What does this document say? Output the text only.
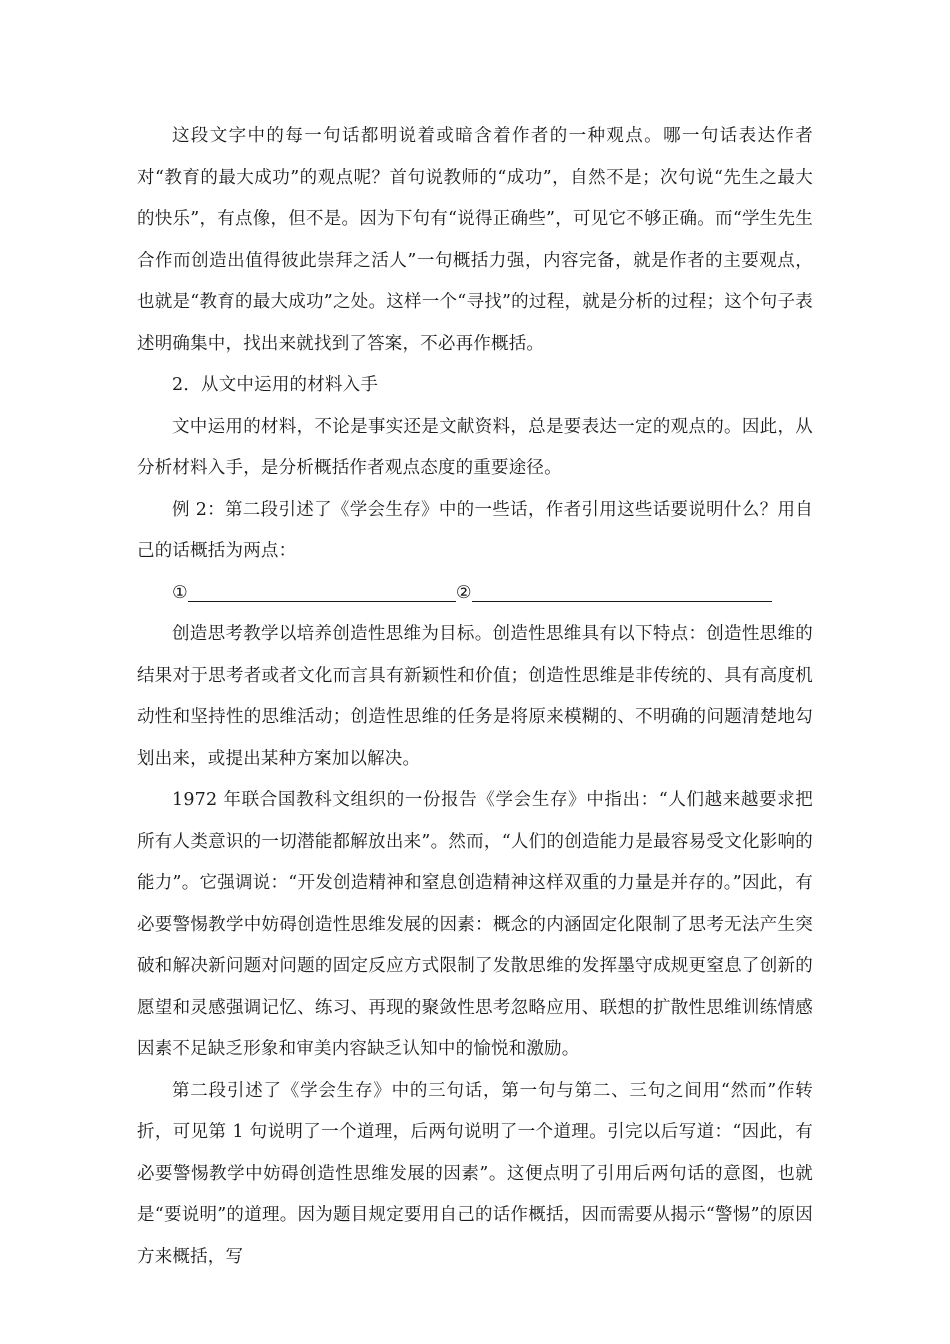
这段文字中的每一句话都明说着或暗含着作者的一种观点。哪一句话表达作者对“教育的最大成功”的观点呢？首句说教师的“成功”，自然不是；次句说“先生之最大的快乐”，有点像，但不是。因为下句有“说得正确些”，可见它不够正确。而“学生先生合作而创造出值得彼此崇拜之活人”一句概括力强，内容完备，就是作者的主要观点，也就是“教育的最大成功”之处。这样一个“寻找”的过程，就是分析的过程；这个句子表述明确集中，找出来就找到了答案，不必再作概括。

2．从文中运用的材料入手

文中运用的材料，不论是事实还是文献资料，总是要表达一定的观点的。因此，从分析材料入手，是分析概括作者观点态度的重要途径。

例 2：第二段引述了《学会生存》中的一些话，作者引用这些话要说明什么？用自己的话概括为两点：

①	②

创造思考教学以培养创造性思维为目标。创造性思维具有以下特点：创造性思维的结果对于思考者或者文化而言具有新颖性和价值；创造性思维是非传统的、具有高度机动性和坚持性的思维活动；创造性思维的任务是将原来模糊的、不明确的问题清楚地勾划出来，或提出某种方案加以解决。

1972 年联合国教科文组织的一份报告《学会生存》中指出：“人们越来越要求把所有人类意识的一切潜能都解放出来”。然而，“人们的创造能力是最容易受文化影响的能力”。它强调说：“开发创造精神和窒息创造精神这样双重的力量是并存的。”因此，有必要警惕教学中妨碍创造性思维发展的因素：概念的内涵固定化限制了思考无法产生突破和解决新问题对问题的固定反应方式限制了发散思维的发挥墨守成规更窒息了创新的愿望和灵感强调记忆、练习、再现的聚敛性思考忽略应用、联想的扩散性思维训练情感因素不足缺乏形象和审美内容缺乏认知中的愉悦和激励。

第二段引述了《学会生存》中的三句话，第一句与第二、三句之间用“然而”作转折，可见第 1 句说明了一个道理，后两句说明了一个道理。引完以后写道：“因此，有必要警惕教学中妨碍创造性思维发展的因素”。这便点明了引用后两句话的意图，也就是“要说明”的道理。因为题目规定要用自己的话作概括，因而需要从揭示“警惕”的原因方来概括，写
